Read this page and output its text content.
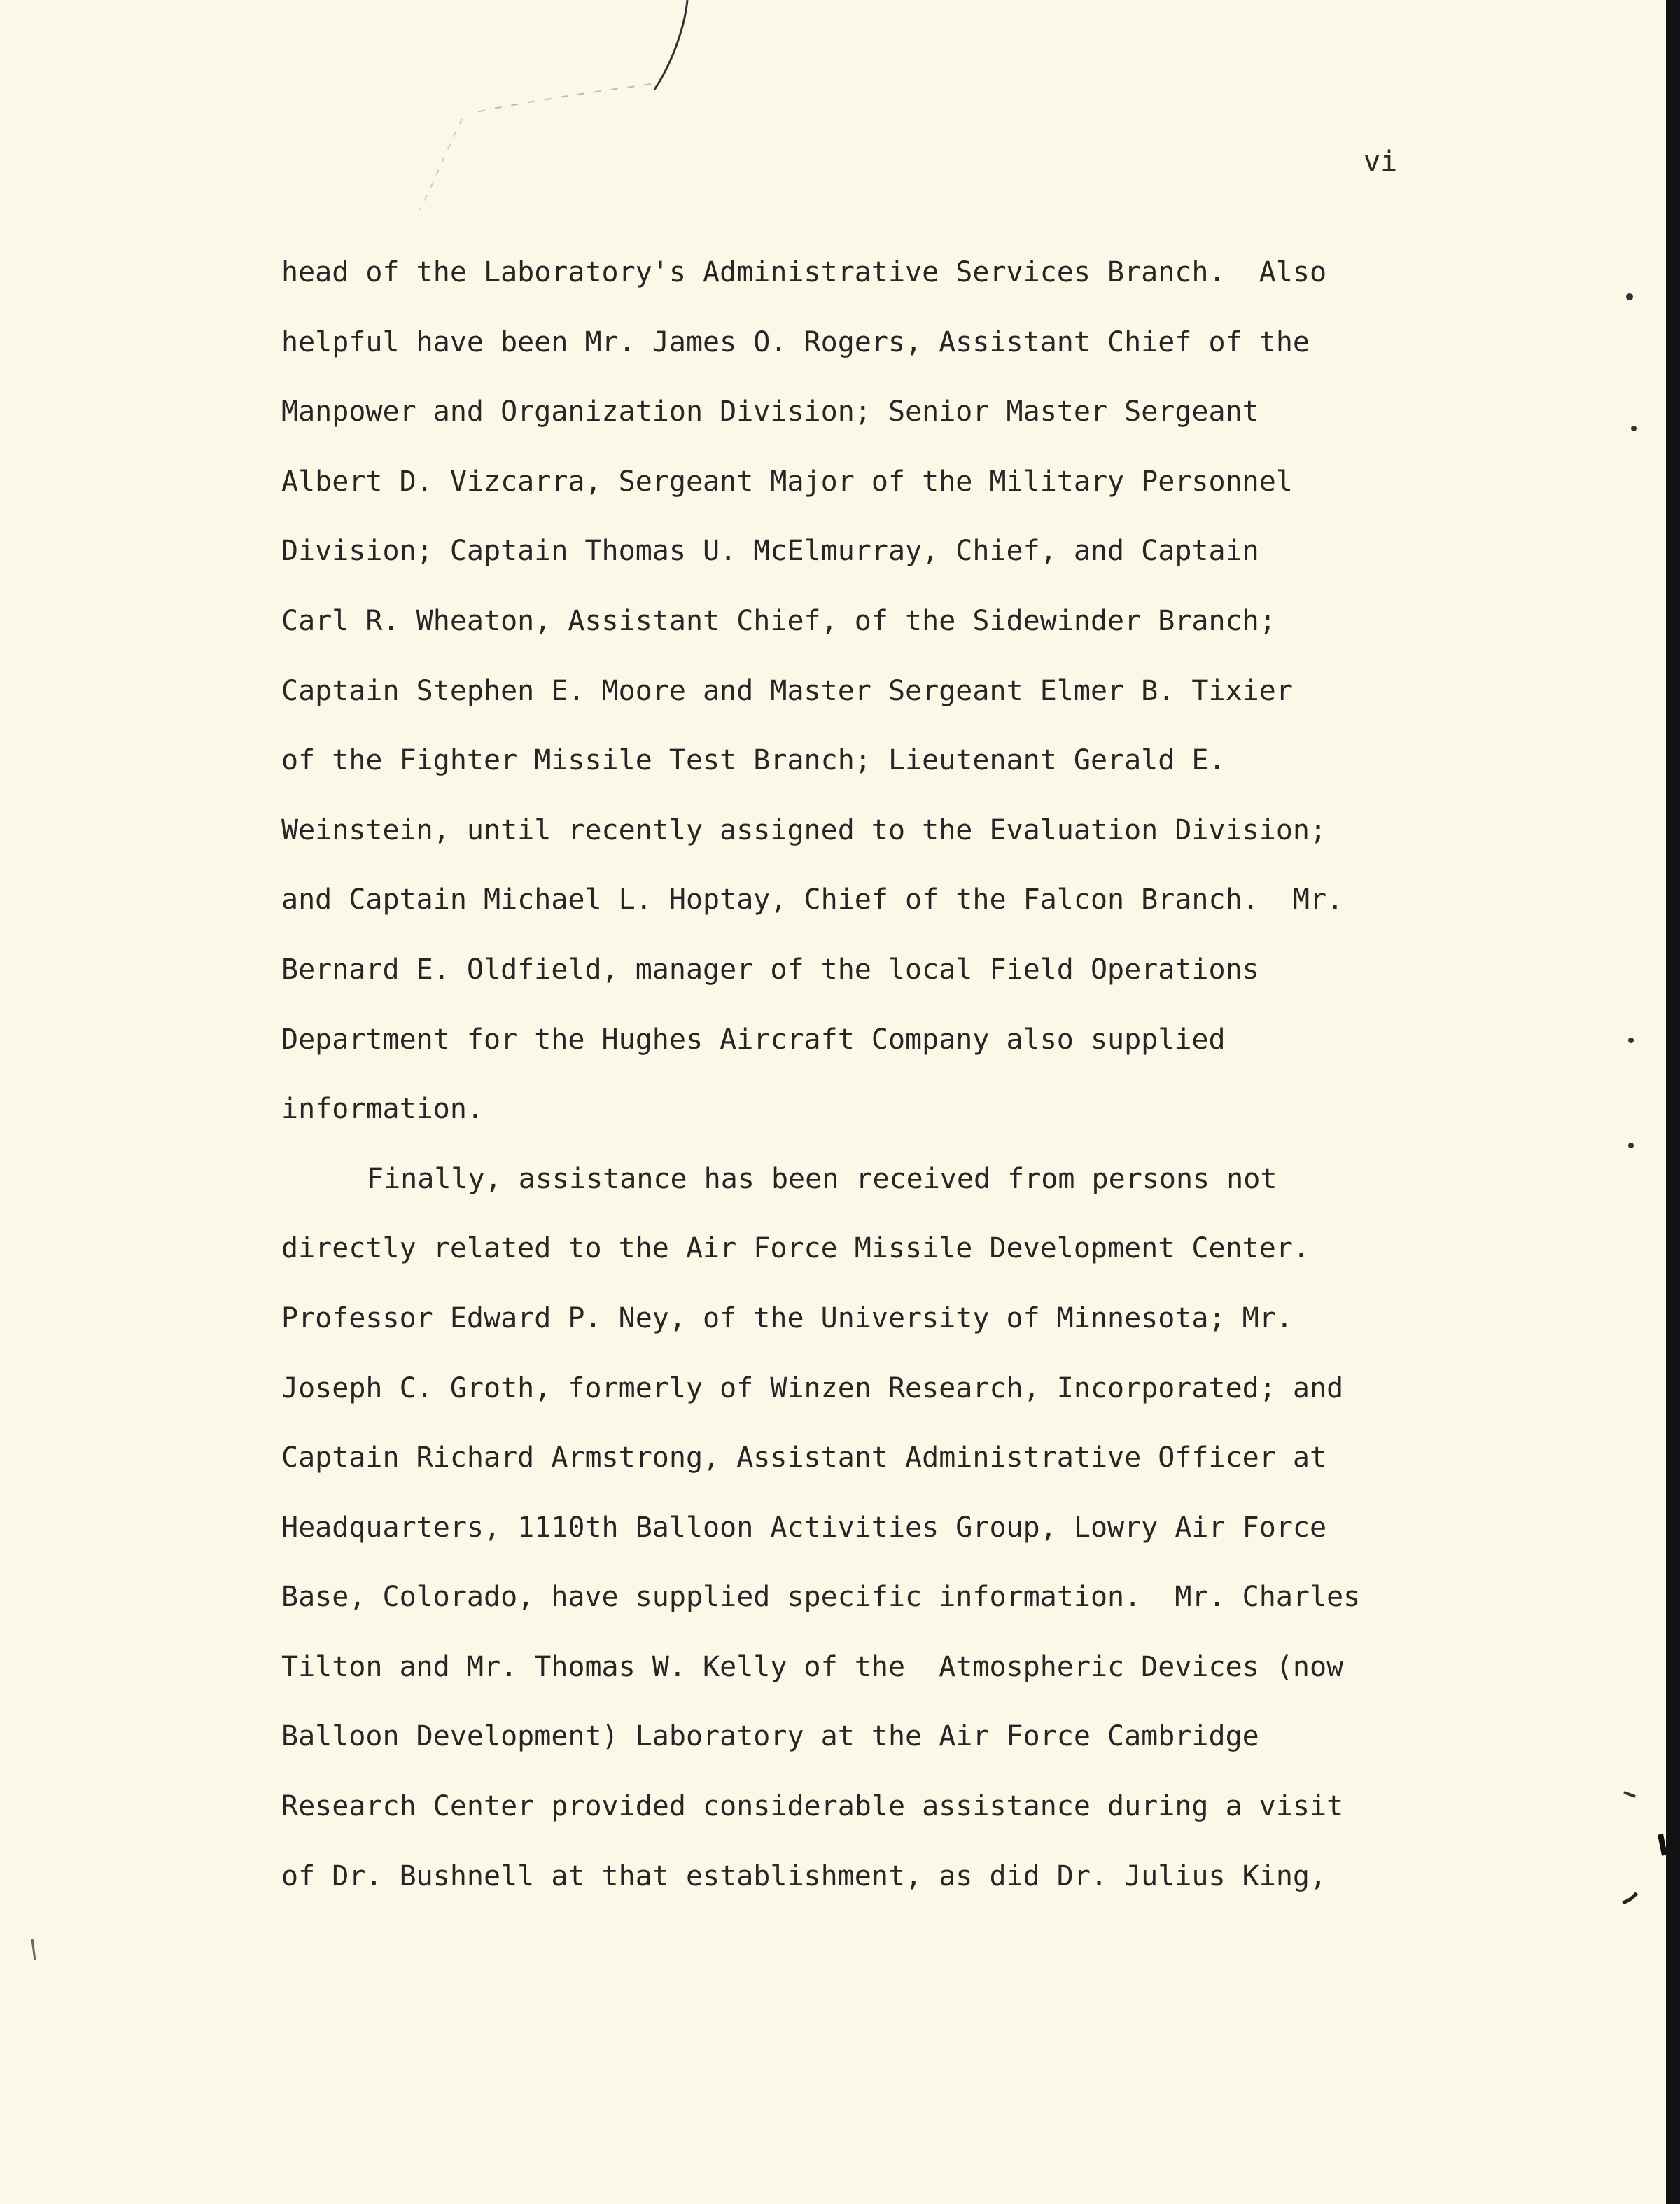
vi
head of the Laboratory's Administrative Services Branch.  Also
helpful have been Mr. James O. Rogers, Assistant Chief of the
Manpower and Organization Division; Senior Master Sergeant
Albert D. Vizcarra, Sergeant Major of the Military Personnel
Division; Captain Thomas U. McElmurray, Chief, and Captain
Carl R. Wheaton, Assistant Chief, of the Sidewinder Branch;
Captain Stephen E. Moore and Master Sergeant Elmer B. Tixier
of the Fighter Missile Test Branch; Lieutenant Gerald E.
Weinstein, until recently assigned to the Evaluation Division;
and Captain Michael L. Hoptay, Chief of the Falcon Branch.  Mr.
Bernard E. Oldfield, manager of the local Field Operations
Department for the Hughes Aircraft Company also supplied
information.
Finally, assistance has been received from persons not
directly related to the Air Force Missile Development Center.
Professor Edward P. Ney, of the University of Minnesota; Mr.
Joseph C. Groth, formerly of Winzen Research, Incorporated; and
Captain Richard Armstrong, Assistant Administrative Officer at
Headquarters, 1110th Balloon Activities Group, Lowry Air Force
Base, Colorado, have supplied specific information.  Mr. Charles
Tilton and Mr. Thomas W. Kelly of the  Atmospheric Devices (now
Balloon Development) Laboratory at the Air Force Cambridge
Research Center provided considerable assistance during a visit
of Dr. Bushnell at that establishment, as did Dr. Julius King,
